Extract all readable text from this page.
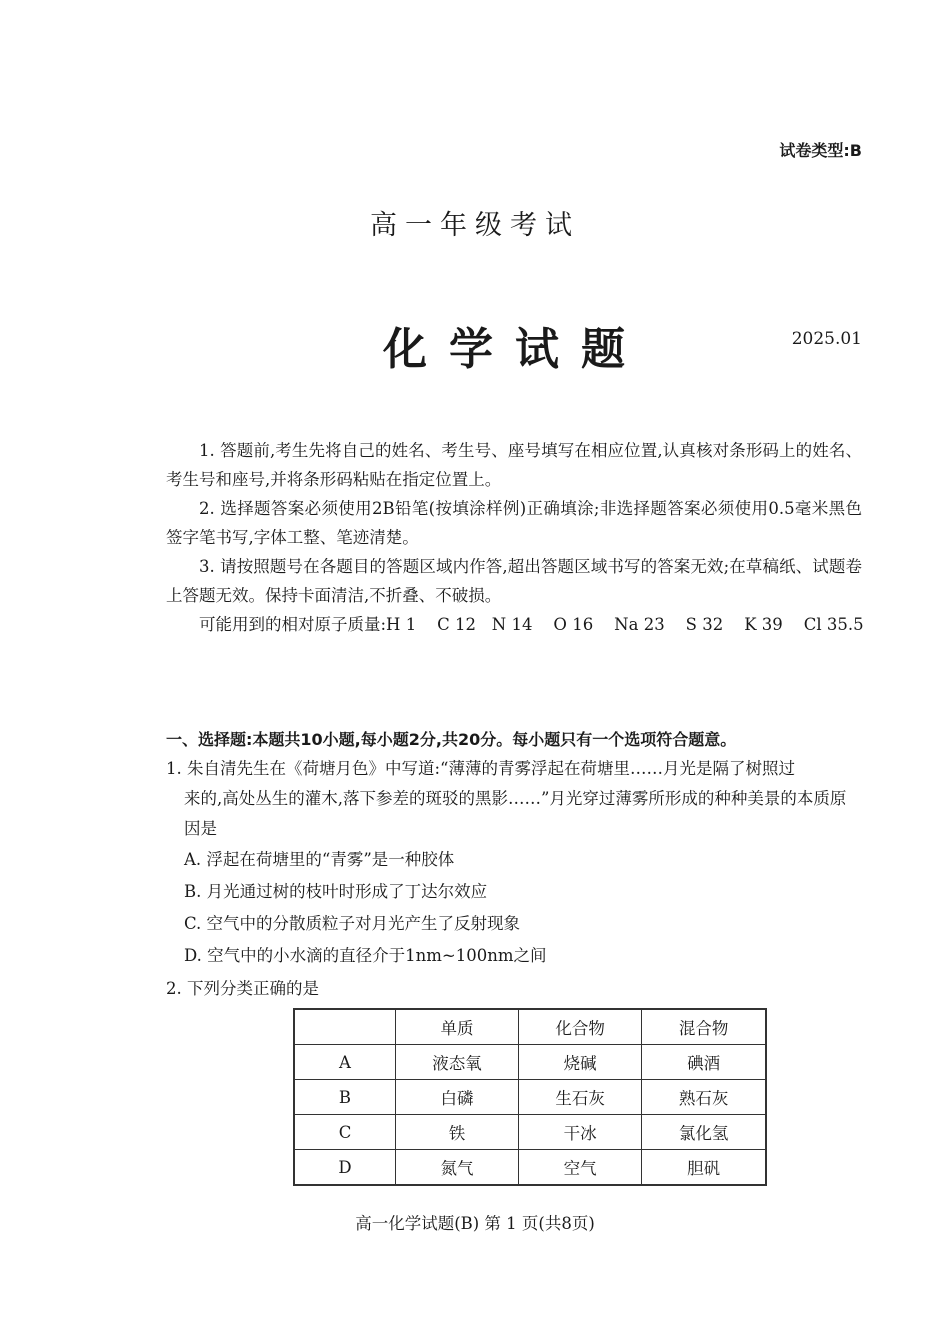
试卷类型:B
高一年级考试
化学试题	2025.01

1. 答题前,考生先将自己的姓名、考生号、座号填写在相应位置,认真核对条形码上的姓名、考生号和座号,并将条形码粘贴在指定位置上。

2. 选择题答案必须使用2B铅笔(按填涂样例)正确填涂;非选择题答案必须使用0.5毫米黑色签字笔书写,字体工整、笔迹清楚。

3. 请按照题号在各题目的答题区域内作答,超出答题区域书写的答案无效;在草稿纸、试题卷上答题无效。保持卡面清洁,不折叠、不破损。

可能用到的相对原子质量:H 1    C 12   N 14    O 16    Na 23    S 32    K 39    Cl 35.5

一、选择题:本题共10小题,每小题2分,共20分。每小题只有一个选项符合题意。

1. 朱自清先生在《荷塘月色》中写道:“薄薄的青雾浮起在荷塘里……月光是隔了树照过

来的,高处丛生的灌木,落下参差的斑驳的黑影……”月光穿过薄雾所形成的种种美景的本质原因是

A. 浮起在荷塘里的“青雾”是一种胶体

B. 月光通过树的枝叶时形成了丁达尔效应

C. 空气中的分散质粒子对月光产生了反射现象

D. 空气中的小水滴的直径介于1nm~100nm之间

2. 下列分类正确的是

	单质	化合物	混合物
A	液态氧	烧碱	碘酒
B	白磷	生石灰	熟石灰
C	铁	干冰	氯化氢
D	氮气	空气	胆矾
高一化学试题(B) 第 1 页(共8页)
